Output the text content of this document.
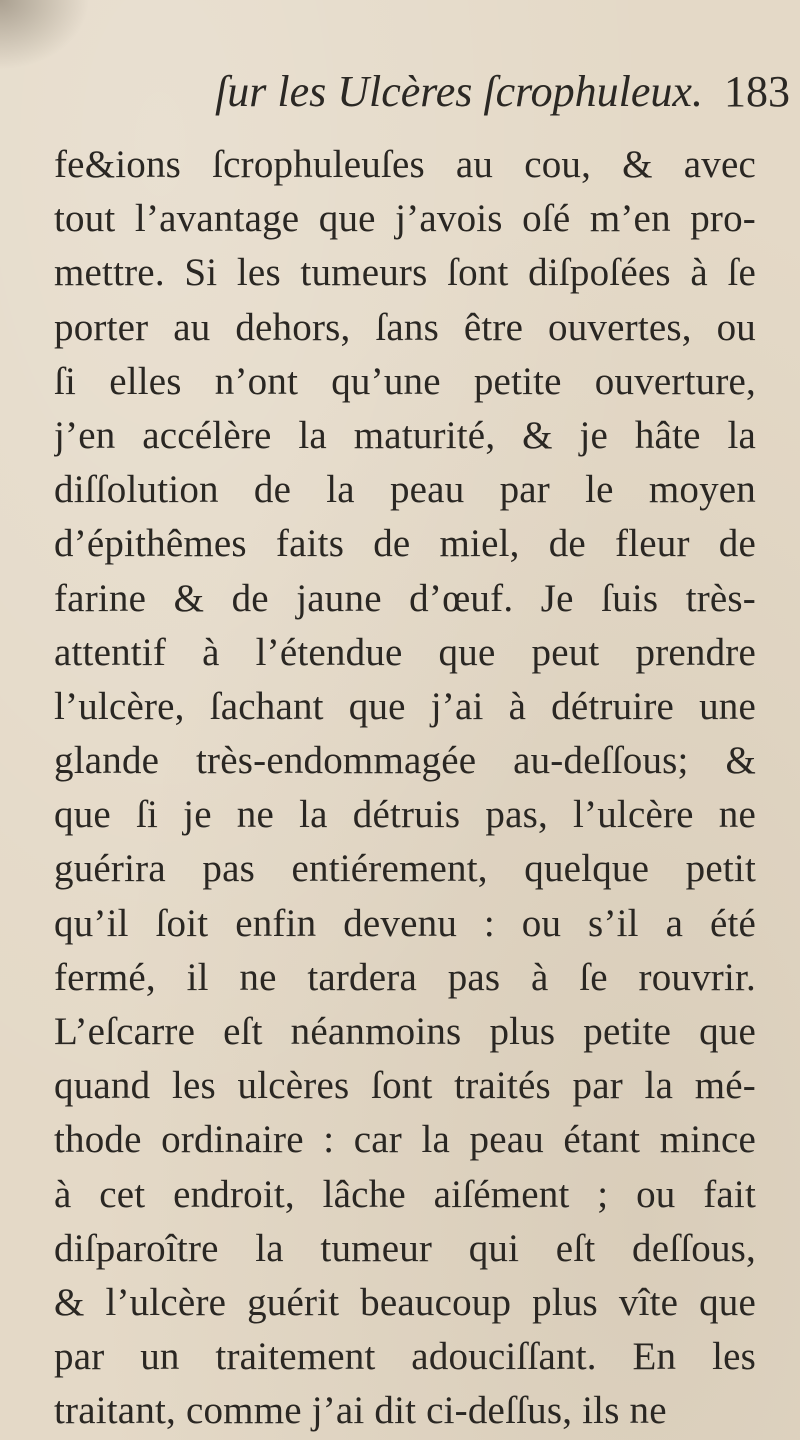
ſur les Ulcères ſcrophuleux. 183
fe&ions ſcrophuleuſes au cou, & avec
tout l’avantage que j’avois oſé m’en pro-
mettre. Si les tumeurs ſont diſpoſées à ſe
porter au dehors, ſans être ouvertes, ou
ſi elles n’ont qu’une petite ouverture,
j’en accélère la maturité, & je hâte la
diſſolution de la peau par le moyen
d’épithêmes faits de miel, de fleur de
farine & de jaune d’œuf. Je ſuis très-
attentif à l’étendue que peut prendre
l’ulcère, ſachant que j’ai à détruire une
glande très-endommagée au-deſſous; &
que ſi je ne la détruis pas, l’ulcère ne
guérira pas entiérement, quelque petit
qu’il ſoit enfin devenu : ou s’il a été
fermé, il ne tardera pas à ſe rouvrir.
L’eſcarre eſt néanmoins plus petite que
quand les ulcères ſont traités par la mé-
thode ordinaire : car la peau étant mince
à cet endroit, lâche aiſément ; ou fait
diſparoître la tumeur qui eſt deſſous,
& l’ulcère guérit beaucoup plus vîte que
par un traitement adouciſſant. En les
traitant, comme j’ai dit ci-deſſus, ils ne
